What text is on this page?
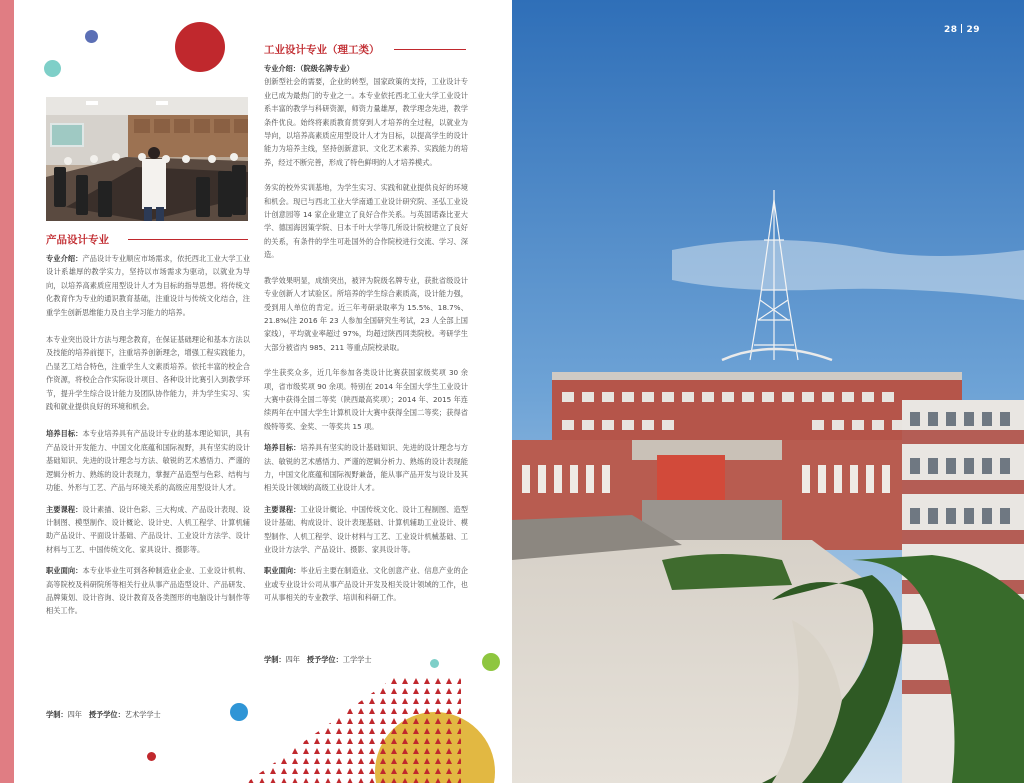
产品设计专业

专业介绍：产品设计专业顺应市场需求，依托西北工业大学工业设计系雄厚的教学实力，坚持以市场需求为驱动，以就业为导向，以培养高素质应用型设计人才为目标的指导思想。将传统文化教育作为专业的通识教育基础，注重设计与传统文化结合，注重学生创新思维能力及自主学习能力的培养。

本专业突出设计方法与理念教育，在保证基础理论和基本方法以及技能的培养前提下，注重培养创新理念，增强工程实践能力，凸显艺工结合特色，注重学生人文素质培养。依托丰富的校企合作资源，将校企合作实际设计项目、各种设计比赛引入到教学环节，提升学生综合设计能力及团队协作能力，并为学生实习、实践和就业提供良好的环境和机会。

培养目标：本专业培养具有产品设计专业的基本理论知识，具有产品设计开发能力、中国文化底蕴和国际视野，具有坚实的设计基础知识、先进的设计理念与方法、敏锐的艺术感悟力、严谨的逻辑分析力、熟练的设计表现力，掌握产品造型与色彩、结构与功能、外形与工艺、产品与环境关系的高级应用型设计人才。

主要课程：设计素描、设计色彩、三大构成、产品设计表现、设计制图、模型制作、设计概论、设计史、人机工程学、计算机辅助产品设计、平面设计基础、产品设计、工业设计方法学、设计材料与工艺、中国传统文化、家具设计、摄影等。

职业面向：本专业毕业生可到各种制造业企业、工业设计机构、高等院校及科研院所等相关行业从事产品造型设计、产品研发、品牌策划、设计咨询、设计教育及各类图形的电脑设计与制作等相关工作。

学制：四年 授予学位：艺术学学士
工业设计专业（理工类）

专业介绍：（院级名牌专业）
创新型社会的需要，企业的转型，国家政策的支持，工业设计专业已成为最热门的专业之一。本专业依托西北工业大学工业设计系丰富的教学与科研资源，师资力量雄厚，教学理念先进，教学条件优良。始终将素质教育贯穿到人才培养的全过程，以就业为导向，以培养高素质应用型设计人才为目标，以提高学生的设计能力为培养主线，坚持创新意识、文化艺术素养、实践能力的培养，经过不断完善，形成了特色鲜明的人才培养模式。

务实的校外实训基地，为学生实习、实践和就业提供良好的环境和机会。现已与西北工业大学南通工业设计研究院、圣弘工业设计创意园等 14 家企业建立了良好合作关系。与英国诺森比亚大学、德国海因策学院、日本千叶大学等几所设计院校建立了良好的关系，有条件的学生可赴国外的合作院校进行交流、学习、深造。

教学效果明显，成绩突出，被评为院级名牌专业，获批省级设计专业创新人才试验区。所培养的学生综合素质高，设计能力强，受到用人单位的肯定。近三年考研录取率为 15.5%、18.7%、21.8%(注 2016 年 23 人参加全国研究生考试，23 人全部上国家线），平均就业率超过 97%，均超过陕西同类院校。考研学生大部分被省内 985、211 等重点院校录取。

学生获奖众多，近几年参加各类设计比赛获国家级奖项 30 余项，省市级奖项 90 余项。特别在 2014 年全国大学生工业设计大赛中获得全国二等奖（陕西最高奖项）；2014 年、2015 年连续两年在中国大学生计算机设计大赛中获得全国二等奖；获得省级特等奖、金奖、一等奖共 15 项。

培养目标：培养具有坚实的设计基础知识、先进的设计理念与方法、敏锐的艺术感悟力、严谨的逻辑分析力、熟练的设计表现能力，中国文化底蕴和国际视野兼备，能从事产品开发与设计及其相关设计领域的高级工业设计人才。

主要课程：工业设计概论、中国传统文化、设计工程制图、造型设计基础、构成设计、设计表现基础、计算机辅助工业设计、模型制作、人机工程学、设计材料与工艺、工业设计机械基础、工业设计方法学、产品设计、摄影、家具设计等。

职业面向：毕业后主要在制造业、文化创意产业、信息产业的企业或专业设计公司从事产品设计开发及相关设计领域的工作，也可从事相关的专业教学、培训和科研工作。

学制：四年 授予学位：工学学士
28 29
